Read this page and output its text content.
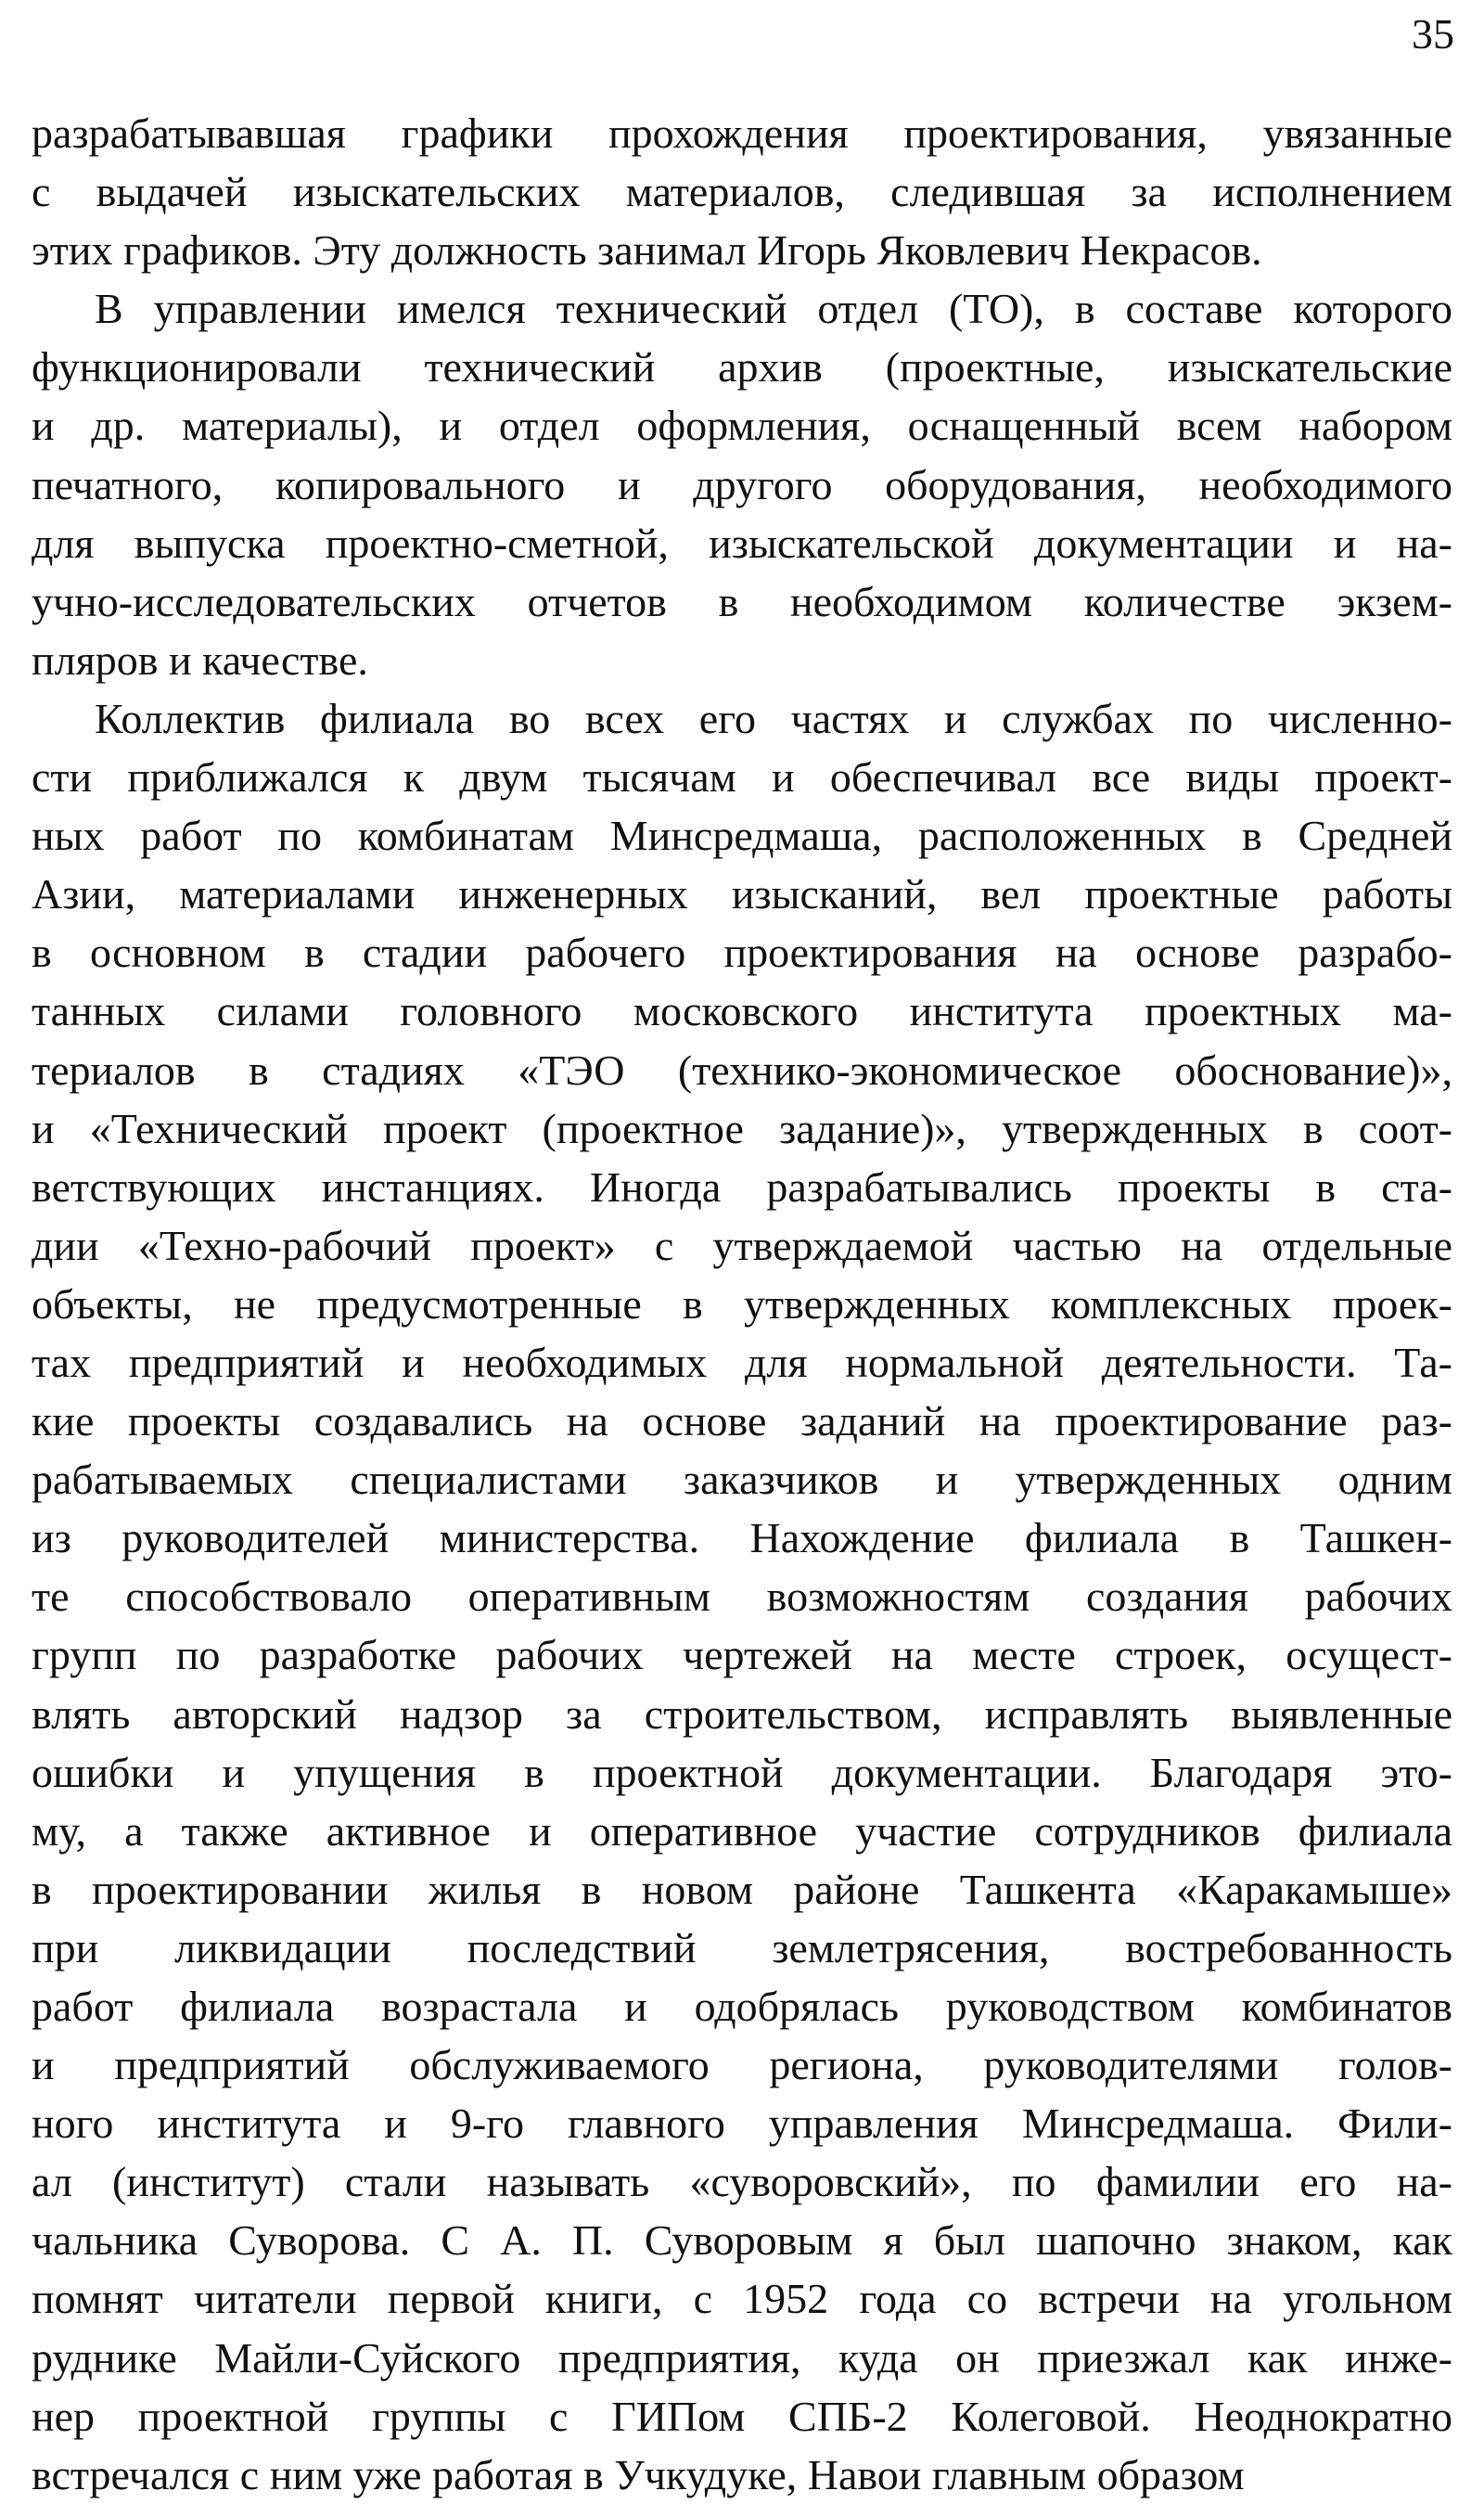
35
разрабатывавшая графики прохождения проектирования, увязанные
с выдачей изыскательских материалов, следившая за исполнением
этих графиков. Эту должность занимал Игорь Яковлевич Некрасов.
В управлении имелся технический отдел (ТО), в составе которого
функционировали технический архив (проектные, изыскательские
и др. материалы), и отдел оформления, оснащенный всем набором
печатного, копировального и другого оборудования, необходимого
для выпуска проектно-сметной, изыскательской документации и на-
учно-исследовательских отчетов в необходимом количестве экзем-
пляров и качестве.
Коллектив филиала во всех его частях и службах по численно-
сти приближался к двум тысячам и обеспечивал все виды проект-
ных работ по комбинатам Минсредмаша, расположенных в Средней
Азии, материалами инженерных изысканий, вел проектные работы
в основном в стадии рабочего проектирования на основе разрабо-
танных силами головного московского института проектных ма-
териалов в стадиях «ТЭО (технико-экономическое обоснование)»,
и «Технический проект (проектное задание)», утвержденных в соот-
ветствующих инстанциях. Иногда разрабатывались проекты в ста-
дии «Техно-рабочий проект» с утверждаемой частью на отдельные
объекты, не предусмотренные в утвержденных комплексных проек-
тах предприятий и необходимых для нормальной деятельности. Та-
кие проекты создавались на основе заданий на проектирование раз-
рабатываемых специалистами заказчиков и утвержденных одним
из руководителей министерства. Нахождение филиала в Ташкен-
те способствовало оперативным возможностям создания рабочих
групп по разработке рабочих чертежей на месте строек, осущест-
влять авторский надзор за строительством, исправлять выявленные
ошибки и упущения в проектной документации. Благодаря это-
му, а также активное и оперативное участие сотрудников филиала
в проектировании жилья в новом районе Ташкента «Каракамыше»
при ликвидации последствий землетрясения, востребованность
работ филиала возрастала и одобрялась руководством комбинатов
и предприятий обслуживаемого региона, руководителями голов-
ного института и 9-го главного управления Минсредмаша. Фили-
ал (институт) стали называть «суворовский», по фамилии его на-
чальника Суворова. С А. П. Суворовым я был шапочно знаком, как
помнят читатели первой книги, с 1952 года со встречи на угольном
руднике Майли-Суйского предприятия, куда он приезжал как инже-
нер проектной группы с ГИПом СПБ-2 Колеговой. Неоднократно
встречался с ним уже работая в Учкудуке, Навои главным образом
